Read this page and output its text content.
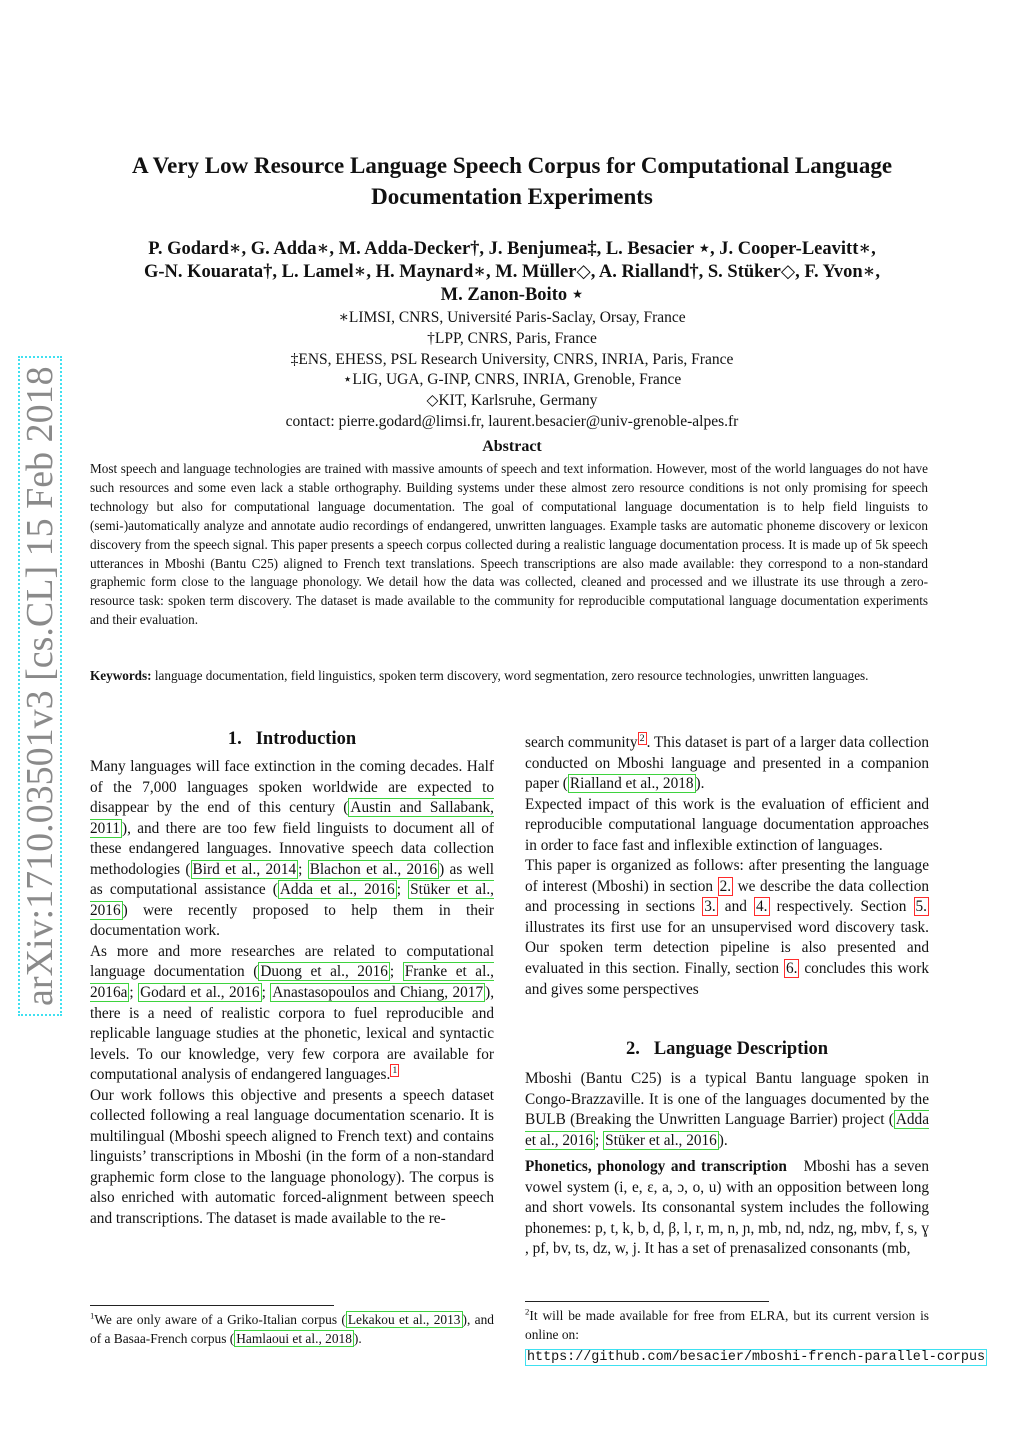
arXiv:1710.03501v3 [cs.CL] 15 Feb 2018
A Very Low Resource Language Speech Corpus for Computational Language
Documentation Experiments
P. Godard∗, G. Adda∗, M. Adda-Decker†, J. Benjumea‡, L. Besacier ⋆, J. Cooper-Leavitt∗,
G-N. Kouarata†, L. Lamel∗, H. Maynard∗, M. Müller◇, A. Rialland†, S. Stüker◇, F. Yvon∗,
M. Zanon-Boito ⋆
∗LIMSI, CNRS, Université Paris-Saclay, Orsay, France
†LPP, CNRS, Paris, France
‡ENS, EHESS, PSL Research University, CNRS, INRIA, Paris, France
⋆LIG, UGA, G-INP, CNRS, INRIA, Grenoble, France
◇KIT, Karlsruhe, Germany
contact: pierre.godard@limsi.fr, laurent.besacier@univ-grenoble-alpes.fr
Abstract
Most speech and language technologies are trained with massive amounts of speech and text information. However, most of the world languages do not have such resources and some even lack a stable orthography. Building systems under these almost zero resource conditions is not only promising for speech technology but also for computational language documentation. The goal of computational language documentation is to help field linguists to (semi-)automatically analyze and annotate audio recordings of endangered, unwritten languages. Example tasks are automatic phoneme discovery or lexicon discovery from the speech signal. This paper presents a speech corpus collected during a realistic language documentation process. It is made up of 5k speech utterances in Mboshi (Bantu C25) aligned to French text translations. Speech transcriptions are also made available: they correspond to a non-standard graphemic form close to the language phonology. We detail how the data was collected, cleaned and processed and we illustrate its use through a zero-resource task: spoken term discovery. The dataset is made available to the community for reproducible computational language documentation experiments and their evaluation.
Keywords: language documentation, field linguistics, spoken term discovery, word segmentation, zero resource technologies, unwritten languages.
1. Introduction

Many languages will face extinction in the coming decades. Half of the 7,000 languages spoken worldwide are expected to disappear by the end of this century ( Austin and Sallabank, 2011 ), and there are too few field linguists to document all of these endangered languages. Innovative speech data collection methodologies ( Bird et al., 2014 ; Blachon et al., 2016 ) as well as computational assistance ( Adda et al., 2016 ; Stüker et al., 2016 ) were recently proposed to help them in their documentation work.

As more and more researches are related to computational language documentation ( Duong et al., 2016 ; Franke et al., 2016a ; Godard et al., 2016 ; Anastasopoulos and Chiang, 2017 ), there is a need of realistic corpora to fuel reproducible and replicable language studies at the phonetic, lexical and syntactic levels. To our knowledge, very few corpora are available for computational analysis of endangered languages. $^1$

Our work follows this objective and presents a speech dataset collected following a real language documentation scenario. It is multilingual (Mboshi speech aligned to French text) and contains linguists’ transcriptions in Mboshi (in the form of a non-standard graphemic form close to the language phonology). The corpus is also enriched with automatic forced-alignment between speech and transcriptions. The dataset is made available to the re-

$^1$We are only aware of a Griko-Italian corpus ( Lekakou et al., 2013 ), and of a Basaa-French corpus ( Hamlaoui et al., 2018 ).

search community $^2$ . This dataset is part of a larger data collection conducted on Mboshi language and presented in a companion paper ( Rialland et al., 2018 ).

Expected impact of this work is the evaluation of efficient and reproducible computational language documentation approaches in order to face fast and inflexible extinction of languages.

This paper is organized as follows: after presenting the language of interest (Mboshi) in section 2. we describe the data collection and processing in sections 3. and 4. respectively. Section 5. illustrates its first use for an unsupervised word discovery task. Our spoken term detection pipeline is also presented and evaluated in this section. Finally, section 6. concludes this work and gives some perspectives

2. Language Description

Mboshi (Bantu C25) is a typical Bantu language spoken in Congo-Brazzaville. It is one of the languages documented by the BULB (Breaking the Unwritten Language Barrier) project ( Adda et al., 2016 ; Stüker et al., 2016 ).

Phonetics, phonology and transcription Mboshi has a seven vowel system (i, e, ɛ, a, ɔ, o, u) with an opposition between long and short vowels. Its consonantal system includes the following phonemes: p, t, k, b, d, β, l, r, m, n, ɲ, mb, nd, ndz, ng, mbv, f, s, ɣ , pf, bv, ts, dz, w, j. It has a set of prenasalized consonants (mb,

$^2$It will be made available for free from ELRA, but its current version is online on:
https://github.com/besacier/mboshi-french-parallel-corpus
